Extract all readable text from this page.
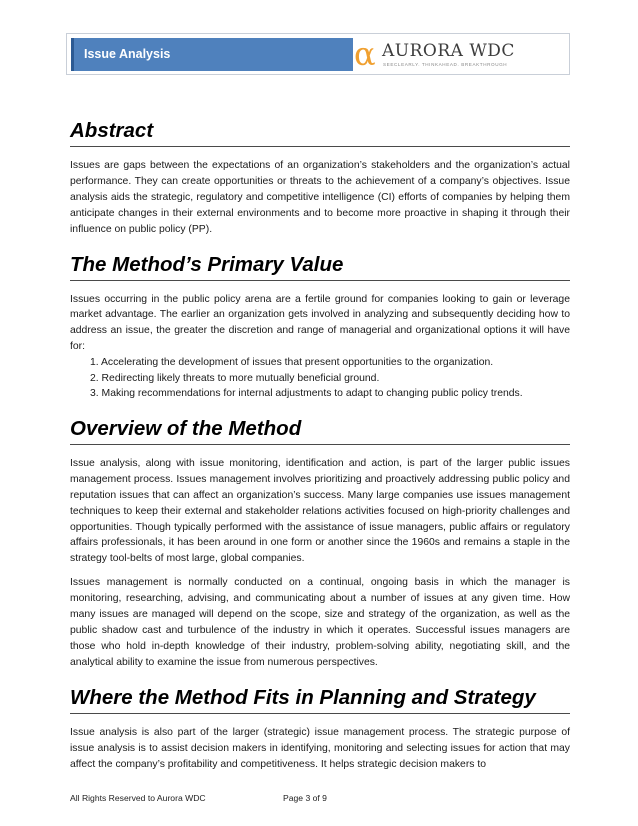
Issue Analysis	α AURORA WDC
SEECLEARLY. THINKAHEAD. BREAKTHROUGH
Abstract

Issues are gaps between the expectations of an organization’s stakeholders and the organization’s actual performance. They can create opportunities or threats to the achievement of a company’s objectives. Issue analysis aids the strategic, regulatory and competitive intelligence (CI) efforts of companies by helping them anticipate changes in their external environments and to become more proactive in shaping it through their influence on public policy (PP).

The Method’s Primary Value

Issues occurring in the public policy arena are a fertile ground for companies looking to gain or leverage market advantage. The earlier an organization gets involved in analyzing and subsequently deciding how to address an issue, the greater the discretion and range of managerial and organizational options it will have for:

1. Accelerating the development of issues that present opportunities to the organization.
2. Redirecting likely threats to more mutually beneficial ground.
3. Making recommendations for internal adjustments to adapt to changing public policy trends.
Overview of the Method

Issue analysis, along with issue monitoring, identification and action, is part of the larger public issues management process. Issues management involves prioritizing and proactively addressing public policy and reputation issues that can affect an organization’s success. Many large companies use issues management techniques to keep their external and stakeholder relations activities focused on high-priority challenges and opportunities. Though typically performed with the assistance of issue managers, public affairs or regulatory affairs professionals, it has been around in one form or another since the 1960s and remains a staple in the strategy tool-belts of most large, global companies.

Issues management is normally conducted on a continual, ongoing basis in which the manager is monitoring, researching, advising, and communicating about a number of issues at any given time. How many issues are managed will depend on the scope, size and strategy of the organization, as well as the public shadow cast and turbulence of the industry in which it operates. Successful issues managers are those who hold in-depth knowledge of their industry, problem-solving ability, negotiating skill, and the analytical ability to examine the issue from numerous perspectives.

Where the Method Fits in Planning and Strategy

Issue analysis is also part of the larger (strategic) issue management process. The strategic purpose of issue analysis is to assist decision makers in identifying, monitoring and selecting issues for action that may affect the company’s profitability and competitiveness. It helps strategic decision makers to

All Rights Reserved to Aurora WDC	Page 3 of 9
